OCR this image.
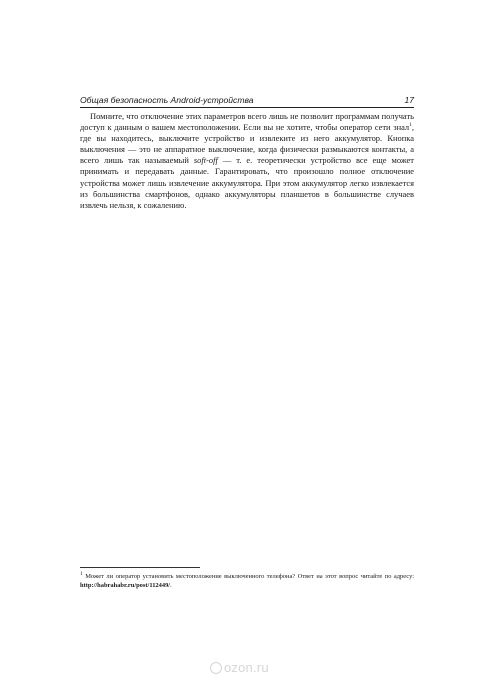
Общая безопасность Android-устройства	17

Помните, что отключение этих параметров всего лишь не позволит программам получать доступ к данным о вашем местоположении. Если вы не хотите, чтобы оператор сети знал$^1$, где вы находитесь, выключите устройство и извлеките из него аккумулятор. Кнопка выключения — это не аппаратное выключение, когда физически размыкаются контакты, а всего лишь так называемый soft-off — т. е. теоретически устройство все еще может принимать и передавать данные. Гарантировать, что произошло полное отключение устройства может лишь извлечение аккумулятора. При этом аккумулятор легко извлекается из большинства смартфонов, однако аккумуляторы планшетов в большинстве случаев извлечь нельзя, к сожалению.

$^1$ Может ли оператор установить местоположение выключенного телефона? Ответ на этот вопрос читайте по адресу: http://habrahabr.ru/post/112449/.

ozon.ru
